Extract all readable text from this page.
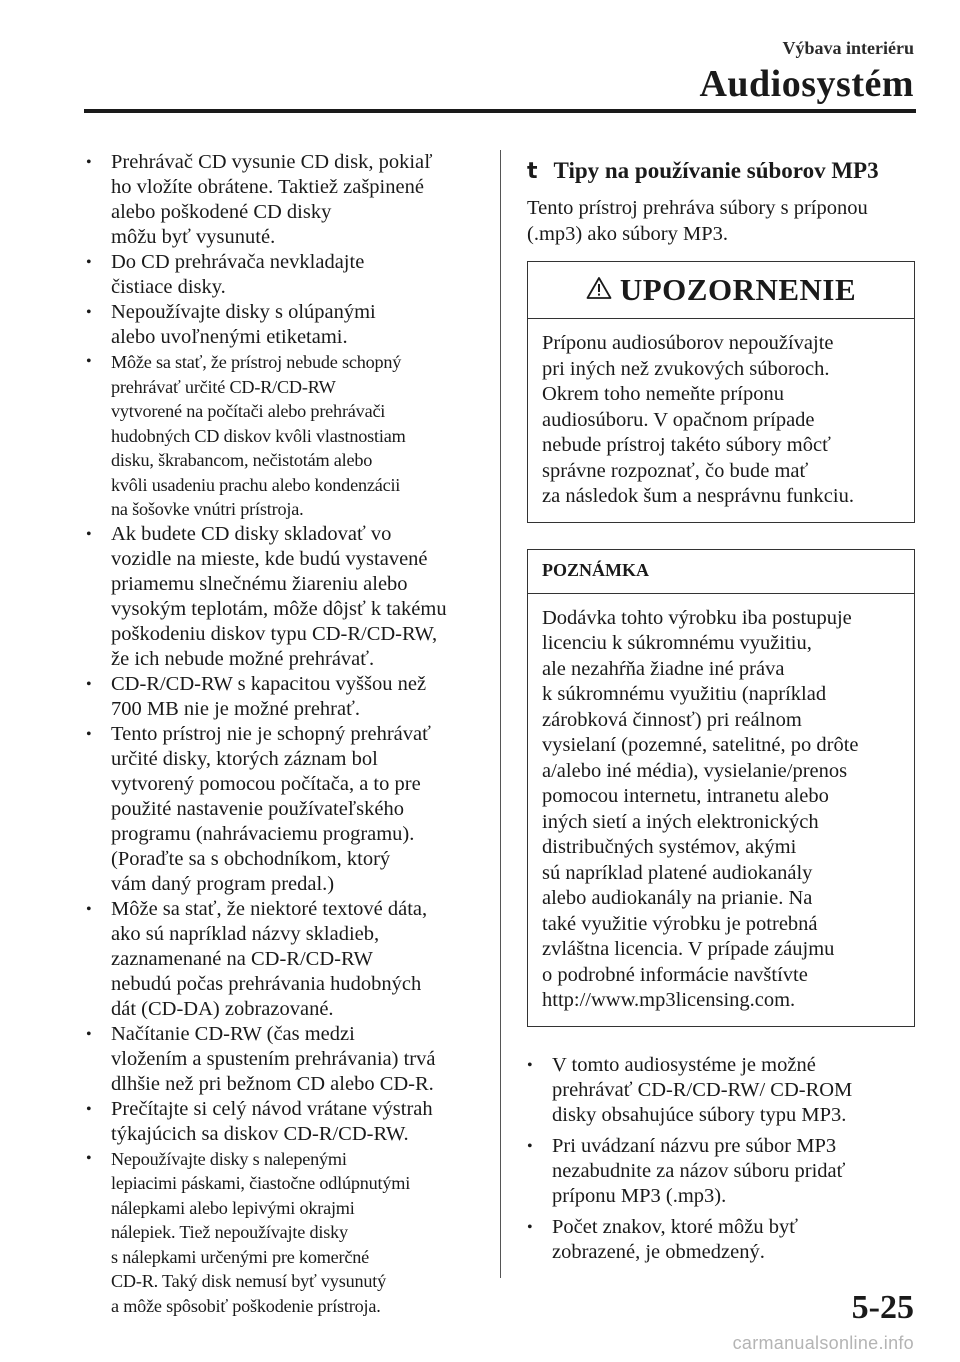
Výbava interiéru
Audiosystém
• Prehrávač CD vysunie CD disk, pokiaľ
ho vložíte obrátene. Taktiež zašpinené
alebo poškodené CD disky
môžu byť vysunuté.
• Do CD prehrávača nevkladajte
čistiace disky.
• Nepoužívajte disky s olúpanými
alebo uvoľnenými etiketami.
• Môže sa stať, že prístroj nebude schopný
prehrávať určité CD-R/CD-RW
vytvorené na počítači alebo prehrávači
hudobných CD diskov kvôli vlastnostiam
disku, škrabancom, nečistotám alebo
kvôli usadeniu prachu alebo kondenzácii
na šošovke vnútri prístroja.
• Ak budete CD disky skladovať vo
vozidle na mieste, kde budú vystavené
priamemu slnečnému žiareniu alebo
vysokým teplotám, môže dôjsť k takému
poškodeniu diskov typu CD-R/CD-RW,
že ich nebude možné prehrávať.
• CD-R/CD-RW s kapacitou vyššou než
700 MB nie je možné prehrať.
• Tento prístroj nie je schopný prehrávať
určité disky, ktorých záznam bol
vytvorený pomocou počítača, a to pre
použité nastavenie používateľského
programu (nahrávaciemu programu).
(Poraďte sa s obchodníkom, ktorý
vám daný program predal.)
• Môže sa stať, že niektoré textové dáta,
ako sú napríklad názvy skladieb,
zaznamenané na CD-R/CD-RW
nebudú počas prehrávania hudobných
dát (CD-DA) zobrazované.
• Načítanie CD-RW (čas medzi
vložením a spustením prehrávania) trvá
dlhšie než pri bežnom CD alebo CD-R.
• Prečítajte si celý návod vrátane výstrah
týkajúcich sa diskov CD-R/CD-RW.
• Nepoužívajte disky s nalepenými
lepiacimi páskami, čiastočne odlúpnutými
nálepkami alebo lepivými okrajmi
nálepiek. Tiež nepoužívajte disky
s nálepkami určenými pre komerčné
CD-R. Taký disk nemusí byť vysunutý
a môže spôsobiť poškodenie prístroja.
t Tipy na používanie súborov MP3
Tento prístroj prehráva súbory s príponou
(.mp3) ako súbory MP3.
UPOZORNENIE
Príponu audiosúborov nepoužívajte
pri iných než zvukových súboroch.
Okrem toho nemeňte príponu
audiosúboru. V opačnom prípade
nebude prístroj takéto súbory môcť
správne rozpoznať, čo bude mať
za následok šum a nesprávnu funkciu.
POZNÁMKA
Dodávka tohto výrobku iba postupuje
licenciu k súkromnému využitiu,
ale nezahŕňa žiadne iné práva
k súkromnému využitiu (napríklad
zárobková činnosť) pri reálnom
vysielaní (pozemné, satelitné, po drôte
a/alebo iné média), vysielanie/prenos
pomocou internetu, intranetu alebo
iných sietí a iných elektronických
distribučných systémov, akými
sú napríklad platené audiokanály
alebo audiokanály na prianie. Na
také využitie výrobku je potrebná
zvláštna licencia. V prípade záujmu
o podrobné informácie navštívte
http://www.mp3licensing.com.
• V tomto audiosystéme je možné
prehrávať CD-R/CD-RW/ CD-ROM
disky obsahujúce súbory typu MP3.
• Pri uvádzaní názvu pre súbor MP3
nezabudnite za názov súboru pridať
príponu MP3 (.mp3).
• Počet znakov, ktoré môžu byť
zobrazené, je obmedzený.
5-25
carmanualsonline.info
